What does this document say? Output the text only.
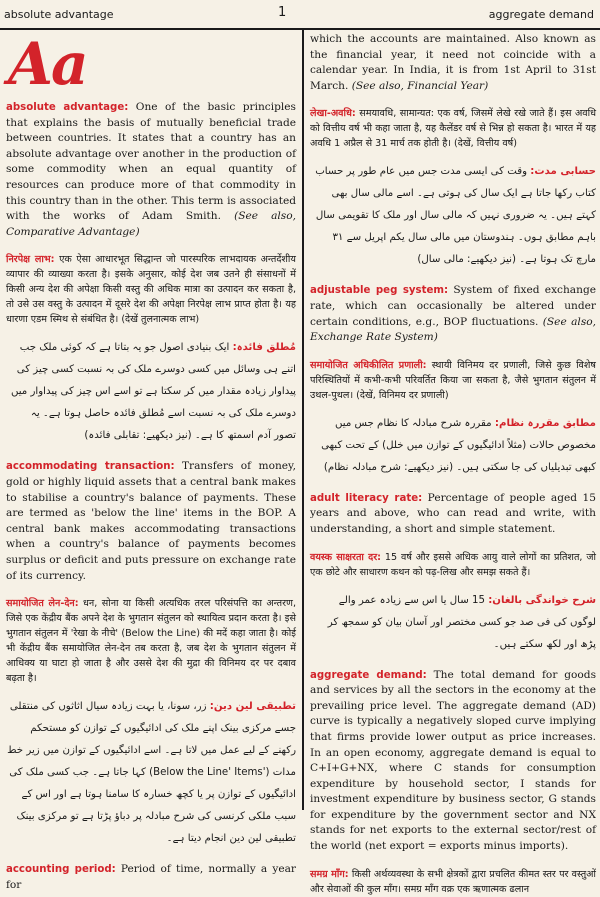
absolute advantage	1	aggregate demand
Aa
absolute advantage: One of the basic principles that explains the basis of mutually beneficial trade between countries. It states that a country has an absolute advantage over another in the production of some commodity when an equal quantity of resources can produce more of that commodity in this country than in the other. This term is associated with the works of Adam Smith. (See also, Comparative Advantage)
निरपेक्ष लाभ: एक ऐसा आधारभूत सिद्धान्त जो पारस्परिक लाभदायक अन्तर्देशीय व्यापार की व्याख्या करता है। इसके अनुसार, कोई देश जब उतने ही संसाधनों में किसी अन्य देश की अपेक्षा किसी वस्तु की अधिक मात्रा का उत्पादन कर सकता है, तो उसे उस वस्तु के उत्पादन में दूसरे देश की अपेक्षा निरपेक्ष लाभ प्राप्त होता है। यह धारणा एडम स्मिथ से संबंधित है। (देखें तुलनात्मक लाभ)
مُطلق فائدہ: ایک بنیادی اصول جو یہ بتاتا ہے کہ کوئی ملک جب اتنے ہی وسائل میں کسی دوسرے ملک کی بہ نسبت کسی چیز کی پیداوار زیادہ مقدار میں کر سکتا ہے تو اسے اس چیز کی پیداوار میں دوسرے ملک کی بہ نسبت اسے مُطلق فائدہ حاصل ہوتا ہے۔ یہ تصور آدم اسمتھ کا ہے۔ (نیز دیکھیے: تقابلی فائدہ)
accommodating transaction: Transfers of money, gold or highly liquid assets that a central bank makes to stabilise a country's balance of payments. These are termed as 'below the line' items in the BOP. A central bank makes accommodating transactions when a country's balance of payments becomes surplus or deficit and puts pressure on exchange rate of its currency.
समायोजित लेन-देन: धन, सोना या किसी अत्यधिक तरल परिसंपत्ति का अन्तरण, जिसे एक केंद्रीय बैंक अपने देश के भुगतान संतुलन को स्थायित्व प्रदान करता है। इसे भुगतान संतुलन में 'रेखा के नीचे' (Below the Line) की मदें कहा जाता है। कोई भी केंद्रीय बैंक समायोजित लेन-देन तब करता है, जब देश के भुगतान संतुलन में आधिक्य या घाटा हो जाता है और उससे देश की मुद्रा की विनिमय दर पर दबाव बढ़ता है।
تطبیقی لین دین: زر، سونا، یا بہت زیادہ سیال اثاثوں کی منتقلی جسے مرکزی بینک اپنے ملک کی ادائیگیوں کے توازن کو مستحکم رکھنے کے لیے عمل میں لاتا ہے۔ اسے ادائیگیوں کے توازن میں زیر خط مدات ('Below the Line' Items) کہا جاتا ہے۔ جب کسی ملک کی ادائیگیوں کے توازن پر یا کچھ خسارہ کا سامنا ہوتا ہے اور اس کے سبب ملکی کرنسی کی شرح مبادلہ پر دباؤ پڑتا ہے تو مرکزی بینک تطبیقی لین دین انجام دیتا ہے۔
accounting period: Period of time, normally a year for
which the accounts are maintained. Also known as the financial year, it need not coincide with a calendar year. In India, it is from 1st April to 31st March. (See also, Financial Year)
लेखा-अवधि: समयावधि, सामान्यत: एक वर्ष, जिसमें लेखे रखे जाते हैं। इस अवधि को वित्तीय वर्ष भी कहा जाता है, यह कैलेंडर वर्ष से भिन्न हो सकता है। भारत में यह अवधि 1 अप्रैल से 31 मार्च तक होती है। (देखें, वित्तीय वर्ष)
حسابی مدت: وقت کی ایسی مدت جس میں عام طور پر حساب کتاب رکھا جاتا ہے ایک سال کی ہوتی ہے۔ اسے مالی سال بھی کہتے ہیں۔ یہ ضروری نہیں کہ مالی سال اور ملک کا تقویمی سال باہم مطابق ہوں۔ ہندوستان میں مالی سال یکم اپریل سے ۳۱ مارچ تک ہوتا ہے۔ (نیز دیکھیے: مالی سال)
adjustable peg system: System of fixed exchange rate, which can occasionally be altered under certain conditions, e.g., BOP fluctuations. (See also, Exchange Rate System)
समायोजित अधिकीलित प्रणाली: स्थायी विनिमय दर प्रणाली, जिसे कुछ विशेष परिस्थितियों में कभी-कभी परिवर्तित किया जा सकता है, जैसे भुगतान संतुलन में उथल-पुथल। (देखें, विनिमय दर प्रणाली)
مطابق مقررہ نظام: مقررہ شرح مبادلہ کا نظام جس میں مخصوص حالات (مثلاً ادائیگیوں کے توازن میں خلل) کے تحت کبھی کبھی تبدیلیاں کی جا سکتی ہیں۔ (نیز دیکھیے: شرح مبادلہ نظام)
adult literacy rate: Percentage of people aged 15 years and above, who can read and write, with understanding, a short and simple statement.
वयस्क साक्षरता दर: 15 वर्ष और इससे अधिक आयु वाले लोगों का प्रतिशत, जो एक छोटे और साधारण कथन को पढ़-लिख और समझ सकते हैं।
شرح خواندگی بالغان: 15 سال یا اس سے زیادہ عمر والے لوگوں کی فی صد جو کسی مختصر اور آسان بیان کو سمجھ کر پڑھ اور لکھ سکتے ہیں۔
aggregate demand: The total demand for goods and services by all the sectors in the economy at the prevailing price level. The aggregate demand (AD) curve is typically a negatively sloped curve implying that firms provide lower output as price increases. In an open economy, aggregate demand is equal to C+I+G+NX, where C stands for consumption expenditure by household sector, I stands for investment expenditure by business sector, G stands for expenditure by the government sector and NX stands for net exports to the external sector/rest of the world (net export = exports minus imports).
समग्र माँग: किसी अर्थव्यवस्था के सभी क्षेत्रकों द्वारा प्रचलित कीमत स्तर पर वस्तुओं और सेवाओं की कुल माँग। समग्र माँग वक्र एक ऋणात्मक ढलान
